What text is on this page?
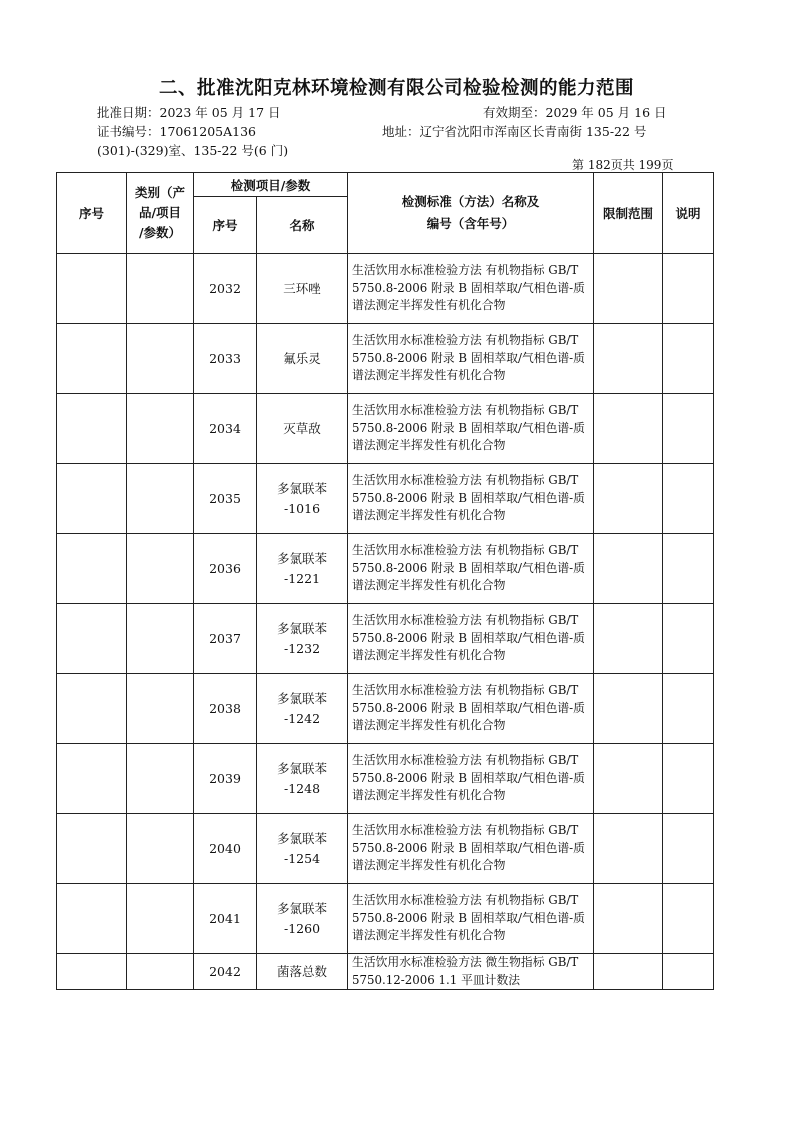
二、批准沈阳克林环境检测有限公司检验检测的能力范围
批准日期：2023 年 05 月 17 日	有效期至：2029 年 05 月 16 日
证书编号：17061205A136	地址：辽宁省沈阳市浑南区长青南街 135-22 号
(301)-(329)室、135-22 号(6 门)
第 182页共 199页
序号	类别（产
品/项目
/参数）	检测项目/参数		检测标准（方法）名称及
编号（含年号）	限制范围	说明
		序号	名称			
		2032	三环唑	生活饮用水标准检验方法 有机物指标 GB/T 5750.8-2006 附录 B 固相萃取/气相色谱-质谱法测定半挥发性有机化合物		
		2033	氟乐灵	生活饮用水标准检验方法 有机物指标 GB/T 5750.8-2006 附录 B 固相萃取/气相色谱-质谱法测定半挥发性有机化合物		
		2034	灭草敌	生活饮用水标准检验方法 有机物指标 GB/T 5750.8-2006 附录 B 固相萃取/气相色谱-质谱法测定半挥发性有机化合物		
		2035	多氯联苯
-1016	生活饮用水标准检验方法 有机物指标 GB/T 5750.8-2006 附录 B 固相萃取/气相色谱-质谱法测定半挥发性有机化合物		
		2036	多氯联苯
-1221	生活饮用水标准检验方法 有机物指标 GB/T 5750.8-2006 附录 B 固相萃取/气相色谱-质谱法测定半挥发性有机化合物		
		2037	多氯联苯
-1232	生活饮用水标准检验方法 有机物指标 GB/T 5750.8-2006 附录 B 固相萃取/气相色谱-质谱法测定半挥发性有机化合物		
		2038	多氯联苯
-1242	生活饮用水标准检验方法 有机物指标 GB/T 5750.8-2006 附录 B 固相萃取/气相色谱-质谱法测定半挥发性有机化合物		
		2039	多氯联苯
-1248	生活饮用水标准检验方法 有机物指标 GB/T 5750.8-2006 附录 B 固相萃取/气相色谱-质谱法测定半挥发性有机化合物		
		2040	多氯联苯
-1254	生活饮用水标准检验方法 有机物指标 GB/T 5750.8-2006 附录 B 固相萃取/气相色谱-质谱法测定半挥发性有机化合物		
		2041	多氯联苯
-1260	生活饮用水标准检验方法 有机物指标 GB/T 5750.8-2006 附录 B 固相萃取/气相色谱-质谱法测定半挥发性有机化合物		
		2042	菌落总数	生活饮用水标准检验方法 微生物指标 GB/T 5750.12-2006 1.1 平皿计数法		
